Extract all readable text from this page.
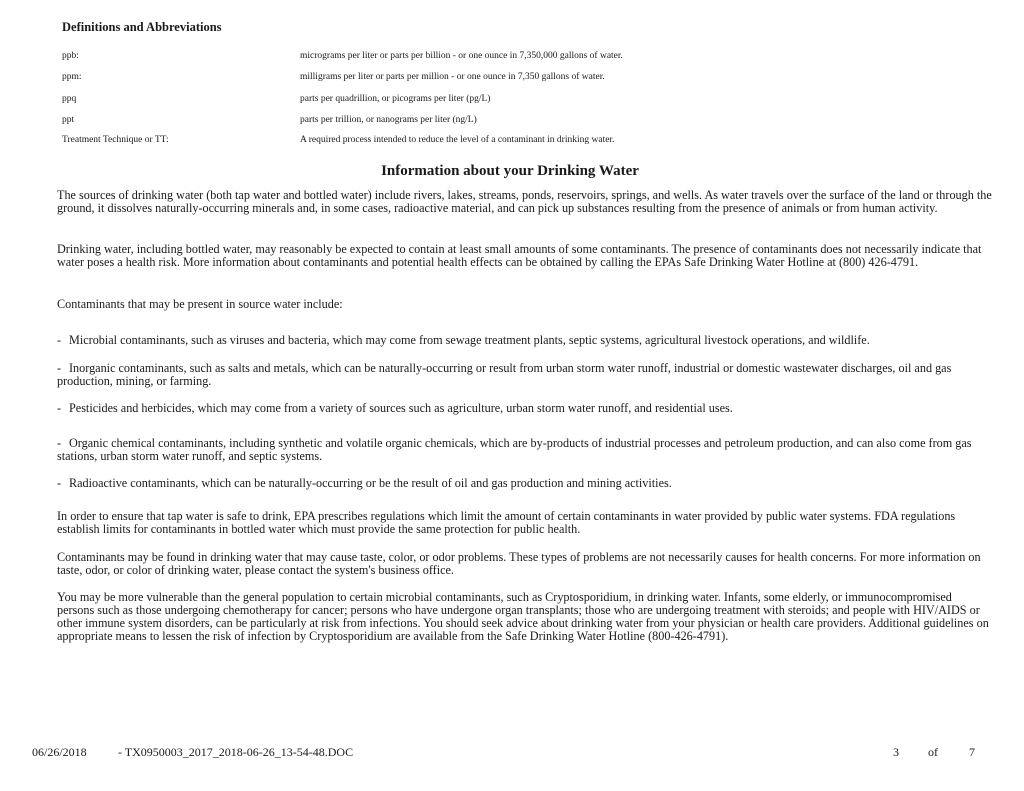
Definitions and Abbreviations
ppb:	micrograms per liter or parts per billion - or one ounce in 7,350,000 gallons of water.
ppm:	milligrams per liter or parts per million - or one ounce in 7,350 gallons of water.
ppq	parts per quadrillion, or picograms per liter (pg/L)
ppt	parts per trillion, or nanograms per liter (ng/L)
Treatment Technique or TT:	A required process intended to reduce the level of a contaminant in drinking water.
Information about your Drinking Water

The sources of drinking water (both tap water and bottled water) include rivers, lakes, streams, ponds, reservoirs, springs, and wells. As water travels over the surface of the land or through the ground, it dissolves naturally-occurring minerals and, in some cases, radioactive material, and can pick up substances resulting from the presence of animals or from human activity.

Drinking water, including bottled water, may reasonably be expected to contain at least small amounts of some contaminants. The presence of contaminants does not necessarily indicate that water poses a health risk. More information about contaminants and potential health effects can be obtained by calling the EPAs Safe Drinking Water Hotline at (800) 426-4791.

Contaminants that may be present in source water include:

- Microbial contaminants, such as viruses and bacteria, which may come from sewage treatment plants, septic systems, agricultural livestock operations, and wildlife.

- Inorganic contaminants, such as salts and metals, which can be naturally-occurring or result from urban storm water runoff, industrial or domestic wastewater discharges, oil and gas production, mining, or farming.

- Pesticides and herbicides, which may come from a variety of sources such as agriculture, urban storm water runoff, and residential uses.

- Organic chemical contaminants, including synthetic and volatile organic chemicals, which are by-products of industrial processes and petroleum production, and can also come from gas stations, urban storm water runoff, and septic systems.

- Radioactive contaminants, which can be naturally-occurring or be the result of oil and gas production and mining activities.

In order to ensure that tap water is safe to drink, EPA prescribes regulations which limit the amount of certain contaminants in water provided by public water systems. FDA regulations establish limits for contaminants in bottled water which must provide the same protection for public health.

Contaminants may be found in drinking water that may cause taste, color, or odor problems. These types of problems are not necessarily causes for health concerns. For more information on taste, odor, or color of drinking water, please contact the system's business office.

You may be more vulnerable than the general population to certain microbial contaminants, such as Cryptosporidium, in drinking water. Infants, some elderly, or immunocompromised persons such as those undergoing chemotherapy for cancer; persons who have undergone organ transplants; those who are undergoing treatment with steroids; and people with HIV/AIDS or other immune system disorders, can be particularly at risk from infections. You should seek advice about drinking water from your physician or health care providers. Additional guidelines on appropriate means to lessen the risk of infection by Cryptosporidium are available from the Safe Drinking Water Hotline (800-426-4791).

06/26/2018	- TX0950003_2017_2018-06-26_13-54-48.DOC	3 of	7
